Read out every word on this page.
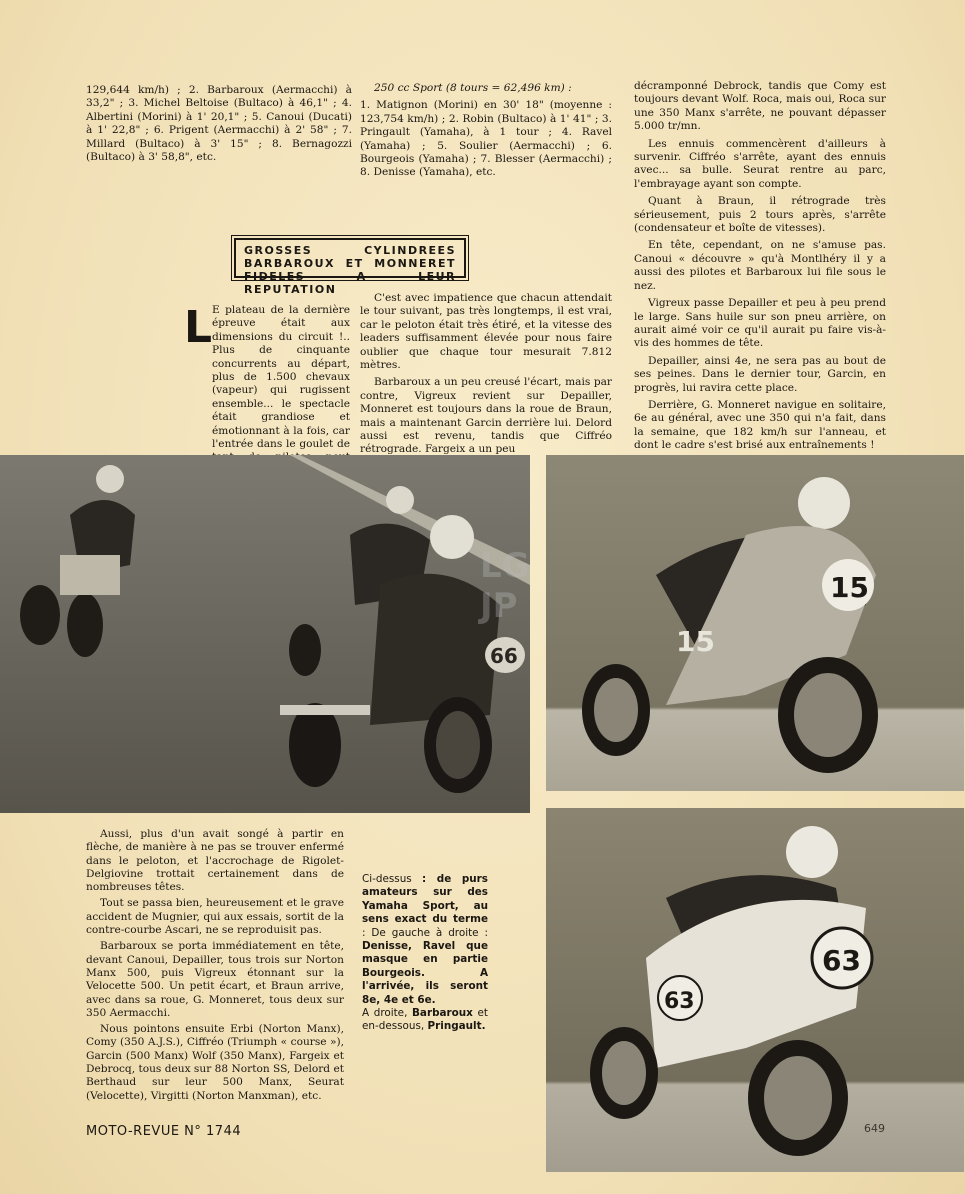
129,644 km/h) ; 2. Barbaroux (Aermacchi) à 33,2" ; 3. Michel Beltoise (Bultaco) à 46,1" ; 4. Albertini (Morini) à 1' 20,1" ; 5. Canoui (Ducati) à 1' 22,8" ; 6. Prigent (Aermacchi) à 2' 58" ; 7. Millard (Bultaco) à 3' 15" ; 8. Bernagozzi (Bultaco) à 3' 58,8", etc.

250 cc Sport (8 tours = 62,496 km) :

1. Matignon (Morini) en 30' 18" (moyenne : 123,754 km/h) ; 2. Robin (Bultaco) à 1' 41" ; 3. Pringault (Yamaha), à 1 tour ; 4. Ravel (Yamaha) ; 5. Soulier (Aermacchi) ; 6. Bourgeois (Yamaha) ; 7. Blesser (Aermacchi) ; 8. Denisse (Yamaha), etc.

décramponné Debrock, tandis que Comy est toujours devant Wolf. Roca, mais oui, Roca sur une 350 Manx s'arrête, ne pouvant dépasser 5.000 tr/mn.

Les ennuis commencèrent d'ailleurs à survenir. Ciffréo s'arrête, ayant des ennuis avec... sa bulle. Seurat rentre au parc, l'embrayage ayant son compte.

Quant à Braun, il rétrograde très sérieusement, puis 2 tours après, s'arrête (condensateur et boîte de vitesses).

En tête, cependant, on ne s'amuse pas. Canoui « découvre » qu'à Montlhéry il y a aussi des pilotes et Barbaroux lui file sous le nez.

Vigreux passe Depailler et peu à peu prend le large. Sans huile sur son pneu arrière, on aurait aimé voir ce qu'il aurait pu faire vis-à-vis des hommes de tête.

Depailler, ainsi 4e, ne sera pas au bout de ses peines. Dans le dernier tour, Garcin, en progrès, lui ravira cette place.

Derrière, G. Monneret navigue en solitaire, 6e au général, avec une 350 qui n'a fait, dans la semaine, que 182 km/h sur l'anneau, et dont le cadre s'est brisé aux entraînements !

GROSSES CYLINDREES
BARBAROUX ET MONNERET
FIDELES A LEUR REPUTATION

E plateau de la dernière épreuve était aux dimensions du circuit !.. Plus de cinquante concurrents au départ, plus de 1.500 chevaux (vapeur) qui rugissent ensemble... le spectacle était grandiose et émotionnant à la fois, car l'entrée dans le goulet de

L

C'est avec impatience que chacun attendait le tour suivant, pas très longtemps, il est vrai, car le peloton était très étiré, et la vitesse des leaders suffisamment élevée pour nous faire oublier que chaque tour mesurait 7.812 mètres.

Barbaroux a un peu creusé l'écart, mais par contre, Vigreux revient sur Depailler, Monneret est toujours dans la roue de Braun, mais a maintenant Garcin derrière lui. Delord aussi est revenu, tandis que Ciffréo rétrograde. Fargeix a un peu

66
LG
JP	15
15
63
63
649

Aussi, plus d'un avait songé à partir en flèche, de manière à ne pas se trouver enfermé dans le peloton, et l'accrochage de Rigolet-Delgiovine trottait certainement dans de nombreuses têtes.

Tout se passa bien, heureusement et le grave accident de Mugnier, qui aux essais, sortit de la contre-courbe Ascari, ne se reproduisit pas.

Barbaroux se porta immédiatement en tête, devant Canoui, Depailler, tous trois sur Norton Manx 500, puis Vigreux étonnant sur la Velocette 500. Un petit écart, et Braun arrive, avec dans sa roue, G. Monneret, tous deux sur 350 Aermacchi.

Nous pointons ensuite Erbi (Norton Manx), Comy (350 A.J.S.), Ciffréo (Triumph « course »), Garcin (500 Manx) Wolf (350 Manx), Fargeix et Debrocq, tous deux sur 88 Norton SS, Delord et Berthaud sur leur 500 Manx, Seurat (Velocette), Virgitti (Norton Manxman), etc.

Ci-dessus : de purs amateurs sur des Yamaha Sport, au sens exact du terme : De gauche à droite : Denisse, Ravel que masque en partie Bourgeois. A l'arrivée, ils seront 8e, 4e et 6e.
A droite, Barbaroux et en-dessous, Pringault.
MOTO-REVUE N° 1744
